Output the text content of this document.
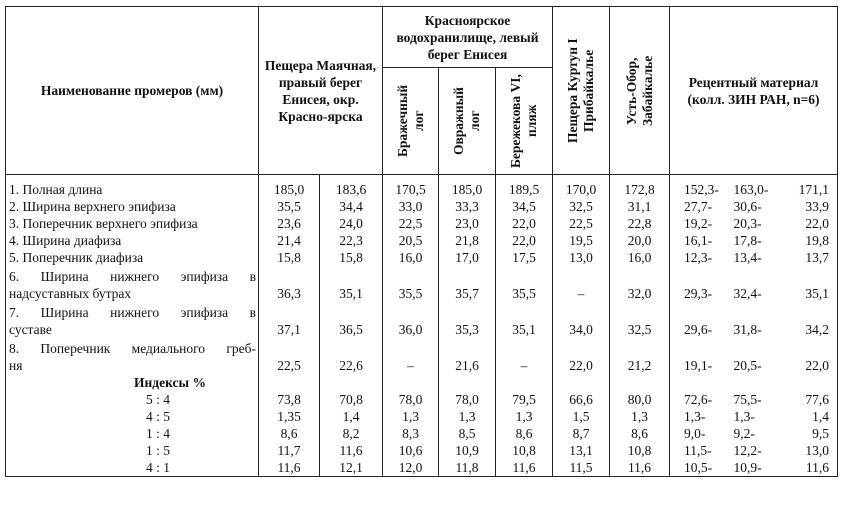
Наименование промеров (мм)	Пещера Маячная, правый берег Енисея, окр. Красно-ярска		Красноярское водохранилище, левый берег Енисея			Пещера Куртун I Прибайкалье	Усть-Обор, Забайкалье	Рецентный материал (колл. ЗИН РАН, n=6)		

			Бражечный лог	Овражный лог	Бережекова VI, пляж					

1. Полная длина	185,0	183,6	170,5	185,0	189,5	170,0	172,8	152,3-	163,0-	171,1
2. Ширина верхнего эпифиза	35,5	34,4	33,0	33,3	34,5	32,5	31,1	27,7-	30,6-	33,9
3. Поперечник верхнего эпифиза	23,6	24,0	22,5	23,0	22,0	22,5	22,8	19,2-	20,3-	22,0
4. Ширина диафиза	21,4	22,3	20,5	21,8	22,0	19,5	20,0	16,1-	17,8-	19,8
5. Поперечник диафиза	15,8	15,8	16,0	17,0	17,5	13,0	16,0	12,3-	13,4-	13,7

6. Ширина нижнего эпифиза в
надсуставных бутрах	36,3	35,1	35,5	35,7	35,5	–	32,0	29,3-	32,4-	35,1

7. Ширина нижнего эпифиза в
суставе	37,1	36,5	36,0	35,3	35,1	34,0	32,5	29,6-	31,8-	34,2

8. Поперечник медиального греб-
ня	22,5	22,6	–	21,6	–	22,0	21,2	19,1-	20,5-	22,0
Индексы %										
5 : 4	73,8	70,8	78,0	78,0	79,5	66,6	80,0	72,6-	75,5-	77,6
4 : 5	1,35	1,4	1,3	1,3	1,3	1,5	1,3	1,3-	1,3-	1,4
1 : 4	8,6	8,2	8,3	8,5	8,6	8,7	8,6	9,0-	9,2-	9,5
1 : 5	11,7	11,6	10,6	10,9	10,8	13,1	10,8	11,5-	12,2-	13,0
4 : 1	11,6	12,1	12,0	11,8	11,6	11,5	11,6	10,5-	10,9-	11,6
